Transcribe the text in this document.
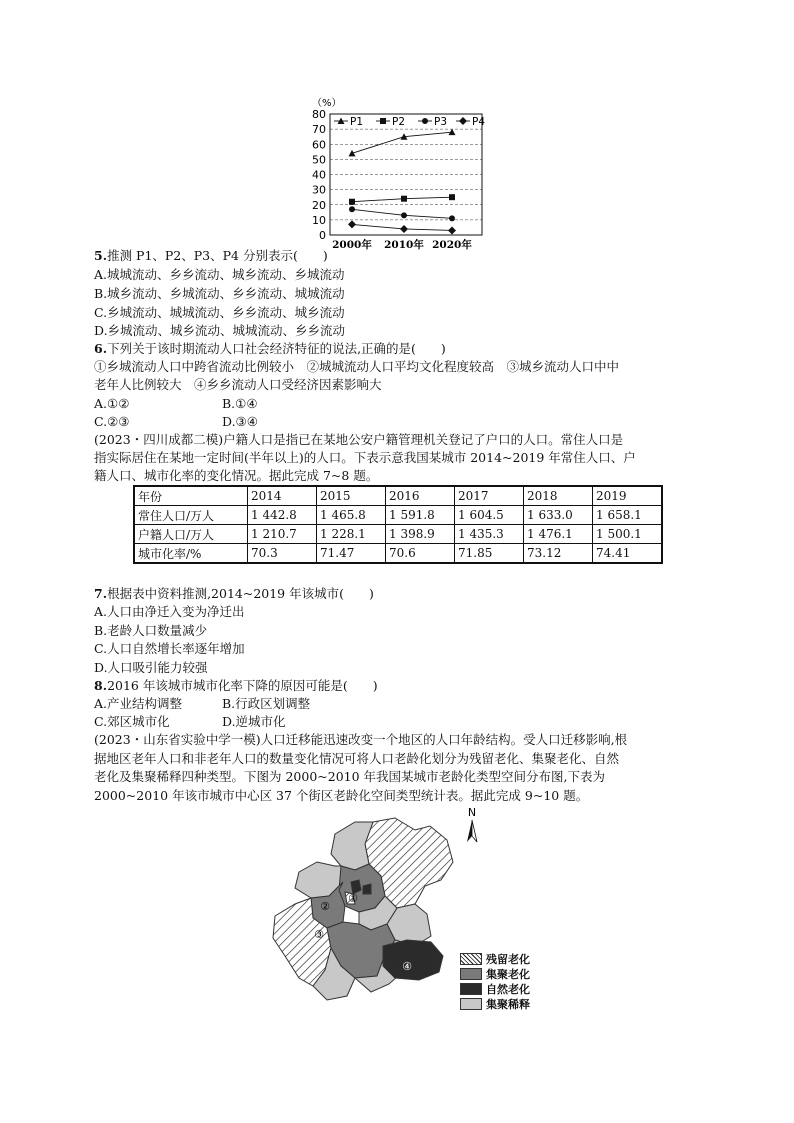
0
10
20
30
40
50
60
70
80
（%）
2000年 2010年 2020年
P1	P2	P3 P4
5.推测 P1、P2、P3、P4 分别表示(　　)
A.城城流动、乡乡流动、城乡流动、乡城流动
B.城乡流动、乡城流动、乡乡流动、城城流动
C.乡城流动、城城流动、乡乡流动、城乡流动
D.乡城流动、城乡流动、城城流动、乡乡流动
6.下列关于该时期流动人口社会经济特征的说法,正确的是(　　)
①乡城流动人口中跨省流动比例较小　②城城流动人口平均文化程度较高　③城乡流动人口中中
老年人比例较大　④乡乡流动人口受经济因素影响大
A.①②	B.①④
C.②③	D.③④
(2023・四川成都二模)户籍人口是指已在某地公安户籍管理机关登记了户口的人口。常住人口是
指实际居住在某地一定时间(半年以上)的人口。下表示意我国某城市 2014~2019 年常住人口、户
籍人口、城市化率的变化情况。据此完成 7~8 题。
年份	2014	2015	2016	2017	2018	2019
常住人口/万人	1 442.8	1 465.8	1 591.8	1 604.5	1 633.0	1 658.1
户籍人口/万人	1 210.7	1 228.1	1 398.9	1 435.3	1 476.1	1 500.1
城市化率/%	70.3	71.47	70.6	71.85	73.12	74.41
7.根据表中资料推测,2014~2019 年该城市(　　)
A.人口由净迁入变为净迁出
B.老龄人口数量减少
C.人口自然增长率逐年增加
D.人口吸引能力较强
8.2016 年该城市城市化率下降的原因可能是(　　)
A.产业结构调整	B.行政区划调整
C.郊区城市化	D.逆城市化
(2023・山东省实验中学一模)人口迁移能迅速改变一个地区的人口年龄结构。受人口迁移影响,根
据地区老年人口和非老年人口的数量变化情况可将人口老龄化划分为残留老化、集聚老化、自然
老化及集聚稀释四种类型。下图为 2000~2010 年我国某城市老龄化类型空间分布图,下表为
2000~2010 年该市城市中心区 37 个街区老龄化空间类型统计表。据此完成 9~10 题。
N
①
②
③
④
残留老化
集聚老化
自然老化
集聚稀释
